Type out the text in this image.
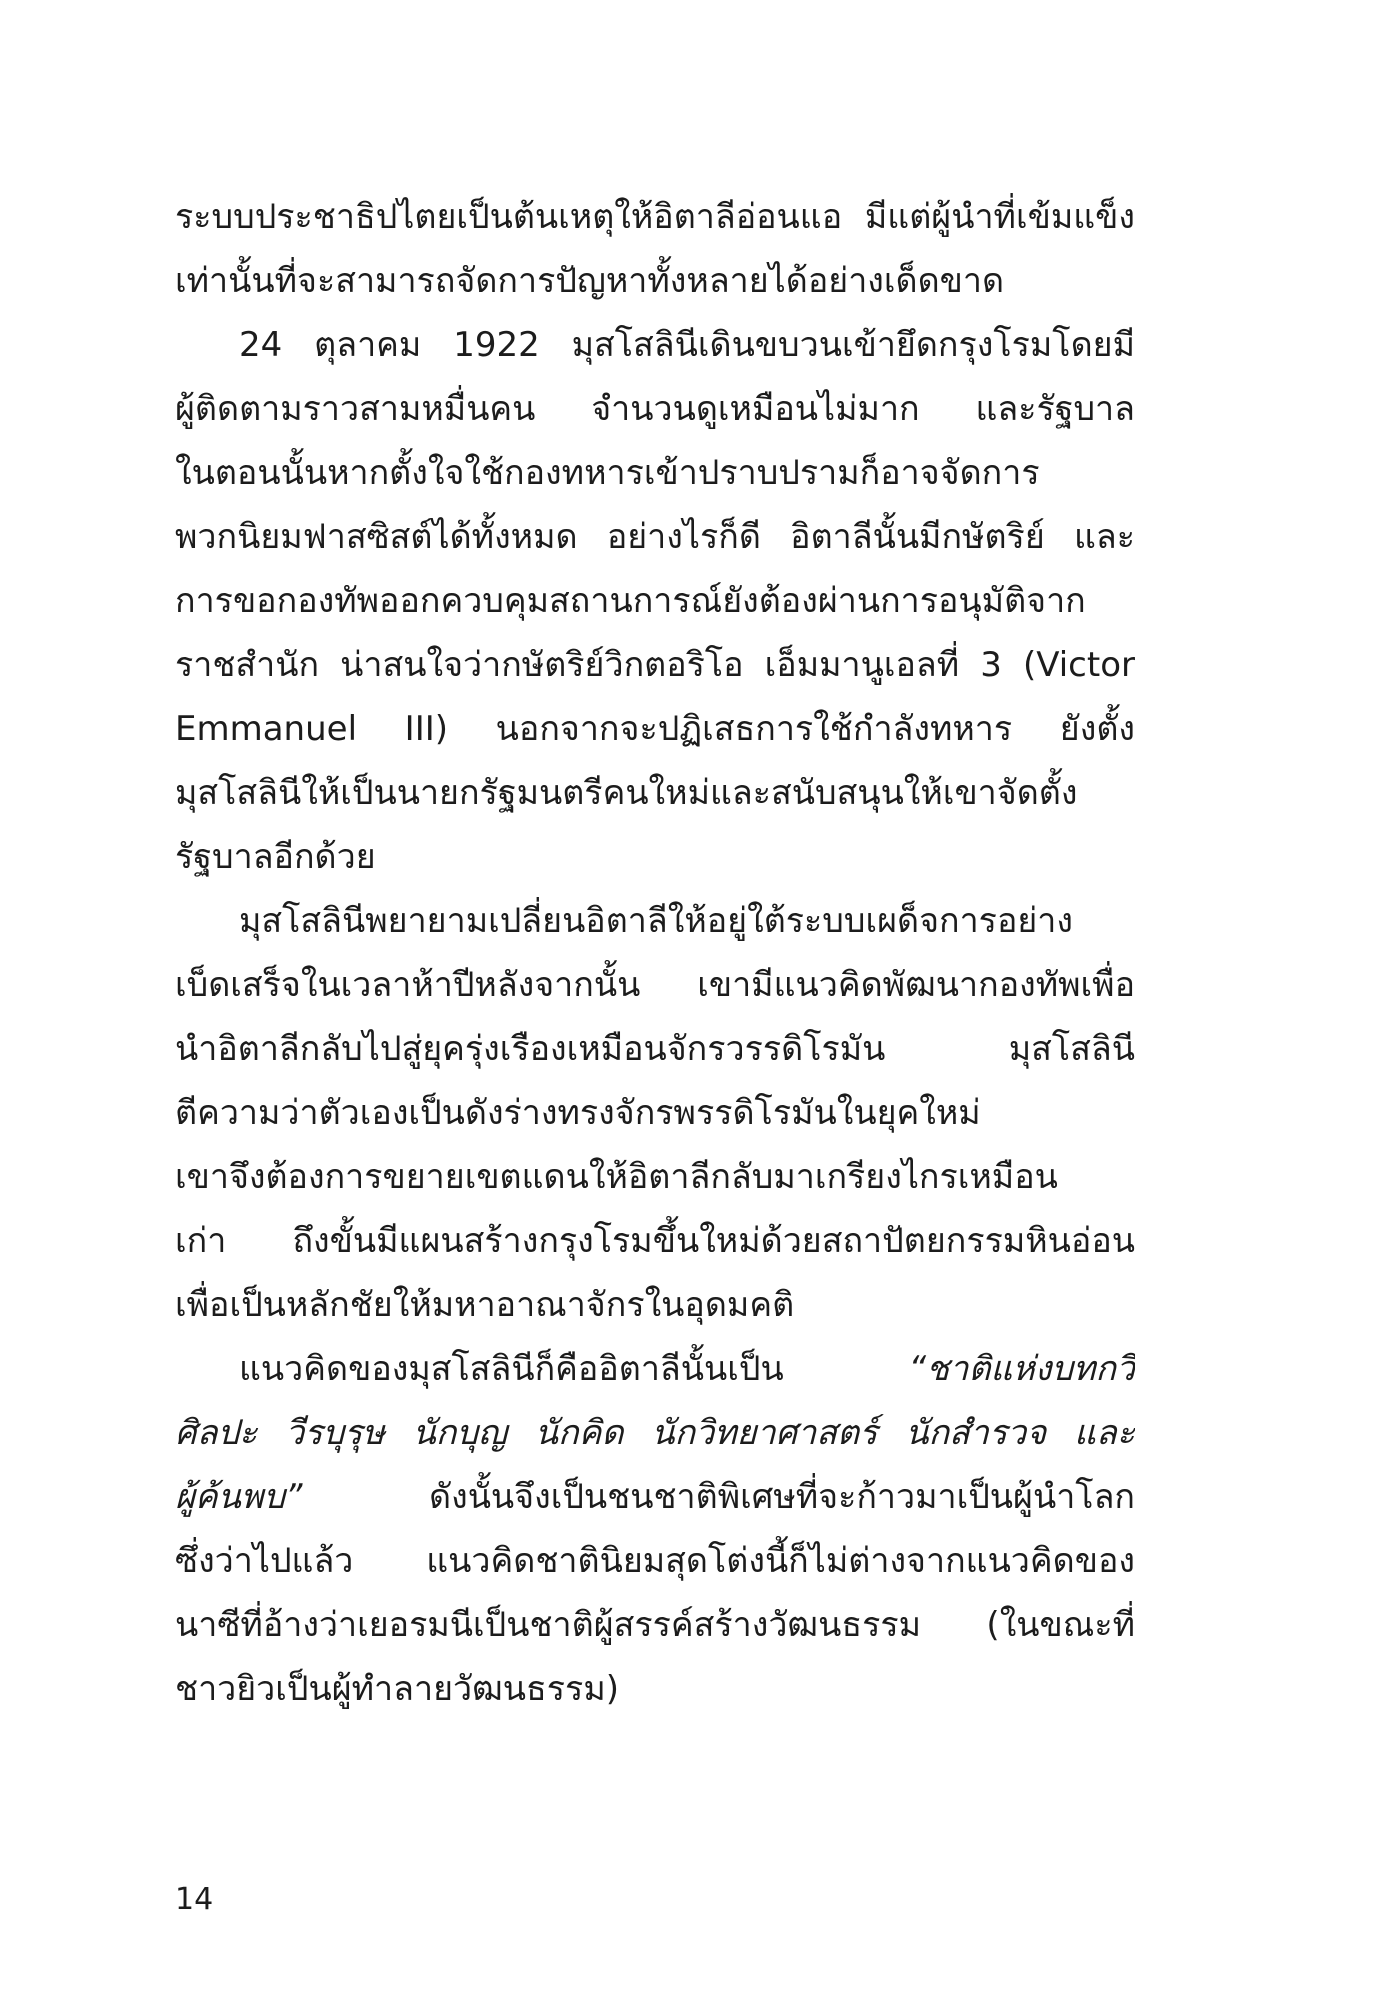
ระบบประชาธิปไตยเป็นต้นเหตุให้อิตาลีอ่อนแอ มีแต่ผู้นำที่เข้มแข็ง
เท่านั้นที่จะสามารถจัดการปัญหาทั้งหลายได้อย่างเด็ดขาด
24 ตุลาคม 1922 มุสโสลินีเดินขบวนเข้ายึดกรุงโรมโดยมี
ผู้ติดตามราวสามหมื่นคน จำนวนดูเหมือนไม่มาก และรัฐบาล
ในตอนนั้นหากตั้งใจใช้กองทหารเข้าปราบปรามก็อาจจัดการ
พวกนิยมฟาสซิสต์ได้ทั้งหมด อย่างไรก็ดี อิตาลีนั้นมีกษัตริย์ และ
การขอกองทัพออกควบคุมสถานการณ์ยังต้องผ่านการอนุมัติจาก
ราชสำนัก น่าสนใจว่ากษัตริย์วิกตอริโอ เอ็มมานูเอลที่ 3 (Victor
Emmanuel III) นอกจากจะปฏิเสธการใช้กำลังทหาร ยังตั้ง
มุสโสลินีให้เป็นนายกรัฐมนตรีคนใหม่และสนับสนุนให้เขาจัดตั้ง
รัฐบาลอีกด้วย
มุสโสลินีพยายามเปลี่ยนอิตาลีให้อยู่ใต้ระบบเผด็จการอย่าง
เบ็ดเสร็จในเวลาห้าปีหลังจากนั้น เขามีแนวคิดพัฒนากองทัพเพื่อ
นำอิตาลีกลับไปสู่ยุครุ่งเรืองเหมือนจักรวรรดิโรมัน มุสโสลินี
ตีความว่าตัวเองเป็นดังร่างทรงจักรพรรดิโรมันในยุคใหม่
เขาจึงต้องการขยายเขตแดนให้อิตาลีกลับมาเกรียงไกรเหมือน
เก่า ถึงขั้นมีแผนสร้างกรุงโรมขึ้นใหม่ด้วยสถาปัตยกรรมหินอ่อน
เพื่อเป็นหลักชัยให้มหาอาณาจักรในอุดมคติ
แนวคิดของมุสโสลินีก็คืออิตาลีนั้นเป็น “ชาติแห่งบทกวี
ศิลปะ วีรบุรุษ นักบุญ นักคิด นักวิทยาศาสตร์ นักสำรวจ และ
ผู้ค้นพบ” ดังนั้นจึงเป็นชนชาติพิเศษที่จะก้าวมาเป็นผู้นำโลก
ซึ่งว่าไปแล้ว แนวคิดชาตินิยมสุดโต่งนี้ก็ไม่ต่างจากแนวคิดของ
นาซีที่อ้างว่าเยอรมนีเป็นชาติผู้สรรค์สร้างวัฒนธรรม (ในขณะที่
ชาวยิวเป็นผู้ทำลายวัฒนธรรม)
14
